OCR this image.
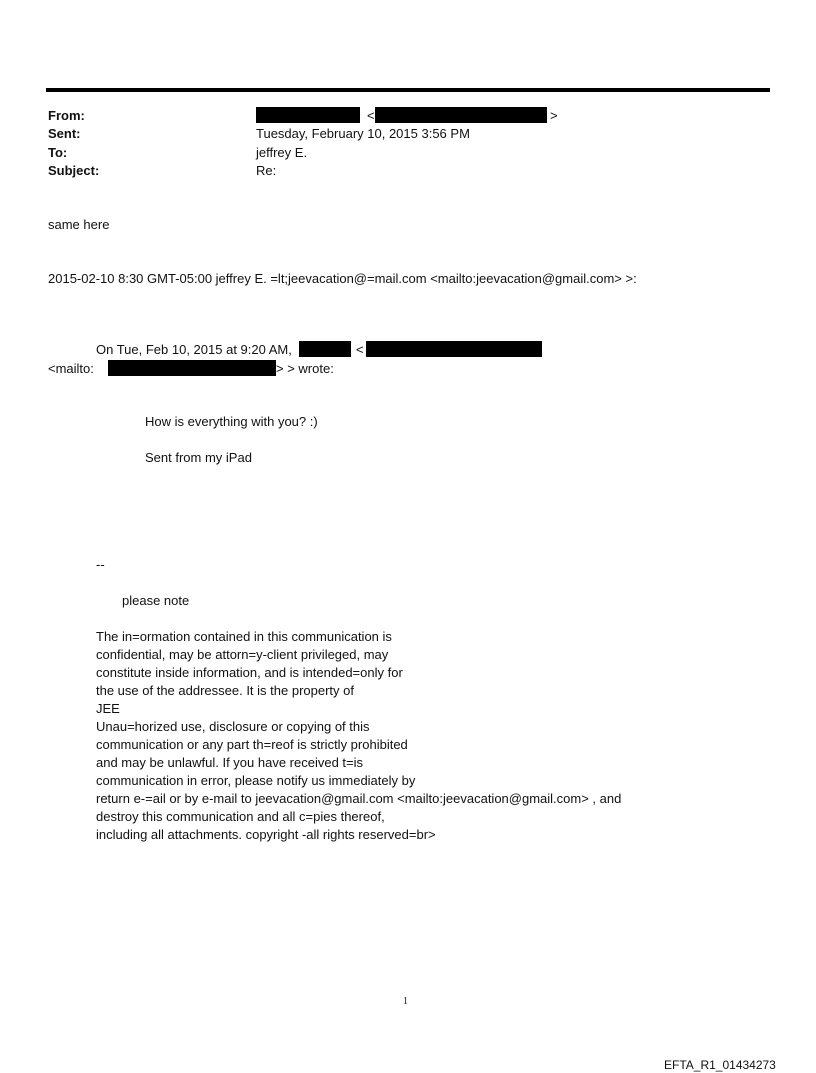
From:	<	>
Sent:	Tuesday, February 10, 2015 3:56 PM
To:	jeffrey E.
Subject:	Re:
same here
2015-02-10 8:30 GMT-05:00 jeffrey E. =lt;jeevacation@=mail.com <mailto:jeevacation@gmail.com> >:
On Tue, Feb 10, 2015 at 9:20 AM,	<
<mailto:	> > wrote:
How is everything with you? :)
Sent from my iPad
--
please note
The in=ormation contained in this communication is
confidential, may be attorn=y-client privileged, may
constitute inside information, and is intended=only for
the use of the addressee. It is the property of
JEE
Unau=horized use, disclosure or copying of this
communication or any part th=reof is strictly prohibited
and may be unlawful. If you have received t=is
communication in error, please notify us immediately by
return e-=ail or by e-mail to jeevacation@gmail.com <mailto:jeevacation@gmail.com> , and
destroy this communication and all c=pies thereof,
including all attachments. copyright -all rights reserved=br>
1
EFTA_R1_01434273
